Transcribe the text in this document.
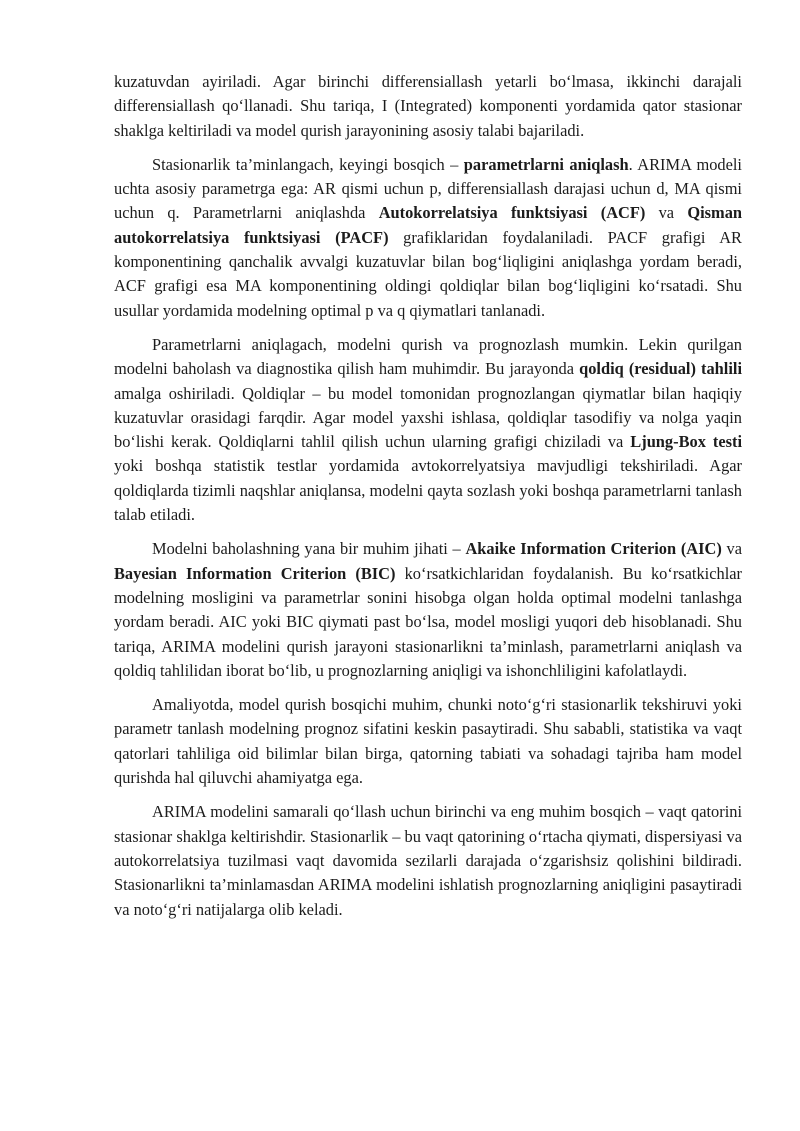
kuzatuvdan ayiriladi. Agar birinchi differensiallash yetarli bo‘lmasa, ikkinchi darajali differensiallash qo‘llanadi. Shu tariqa, I (Integrated) komponenti yordamida qator stasionar shaklga keltiriladi va model qurish jarayonining asosiy talabi bajariladi.

Stasionarlik ta’minlangach, keyingi bosqich – parametrlarni aniqlash. ARIMA modeli uchta asosiy parametrga ega: AR qismi uchun p, differensiallash darajasi uchun d, MA qismi uchun q. Parametrlarni aniqlashda Autokorrelatsiya funktsiyasi (ACF) va Qisman autokorrelatsiya funktsiyasi (PACF) grafiklaridan foydalaniladi. PACF grafigi AR komponentining qanchalik avvalgi kuzatuvlar bilan bog‘liqligini aniqlashga yordam beradi, ACF grafigi esa MA komponentining oldingi qoldiqlar bilan bog‘liqligini ko‘rsatadi. Shu usullar yordamida modelning optimal p va q qiymatlari tanlanadi.

Parametrlarni aniqlagach, modelni qurish va prognozlash mumkin. Lekin qurilgan modelni baholash va diagnostika qilish ham muhimdir. Bu jarayonda qoldiq (residual) tahlili amalga oshiriladi. Qoldiqlar – bu model tomonidan prognozlangan qiymatlar bilan haqiqiy kuzatuvlar orasidagi farqdir. Agar model yaxshi ishlasa, qoldiqlar tasodifiy va nolga yaqin bo‘lishi kerak. Qoldiqlarni tahlil qilish uchun ularning grafigi chiziladi va Ljung-Box testi yoki boshqa statistik testlar yordamida avtokorrelyatsiya mavjudligi tekshiriladi. Agar qoldiqlarda tizimli naqshlar aniqlansa, modelni qayta sozlash yoki boshqa parametrlarni tanlash talab etiladi.

Modelni baholashning yana bir muhim jihati – Akaike Information Criterion (AIC) va Bayesian Information Criterion (BIC) ko‘rsatkichlaridan foydalanish. Bu ko‘rsatkichlar modelning mosligini va parametrlar sonini hisobga olgan holda optimal modelni tanlashga yordam beradi. AIC yoki BIC qiymati past bo‘lsa, model mosligi yuqori deb hisoblanadi. Shu tariqa, ARIMA modelini qurish jarayoni stasionarlikni ta’minlash, parametrlarni aniqlash va qoldiq tahlilidan iborat bo‘lib, u prognozlarning aniqligi va ishonchliligini kafolatlaydi.

Amaliyotda, model qurish bosqichi muhim, chunki noto‘g‘ri stasionarlik tekshiruvi yoki parametr tanlash modelning prognoz sifatini keskin pasaytiradi. Shu sababli, statistika va vaqt qatorlari tahliliga oid bilimlar bilan birga, qatorning tabiati va sohadagi tajriba ham model qurishda hal qiluvchi ahamiyatga ega.

ARIMA modelini samarali qo‘llash uchun birinchi va eng muhim bosqich – vaqt qatorini stasionar shaklga keltirishdir. Stasionarlik – bu vaqt qatorining o‘rtacha qiymati, dispersiyasi va autokorrelatsiya tuzilmasi vaqt davomida sezilarli darajada o‘zgarishsiz qolishini bildiradi. Stasionarlikni ta’minlamasdan ARIMA modelini ishlatish prognozlarning aniqligini pasaytiradi va noto‘g‘ri natijalarga olib keladi.
